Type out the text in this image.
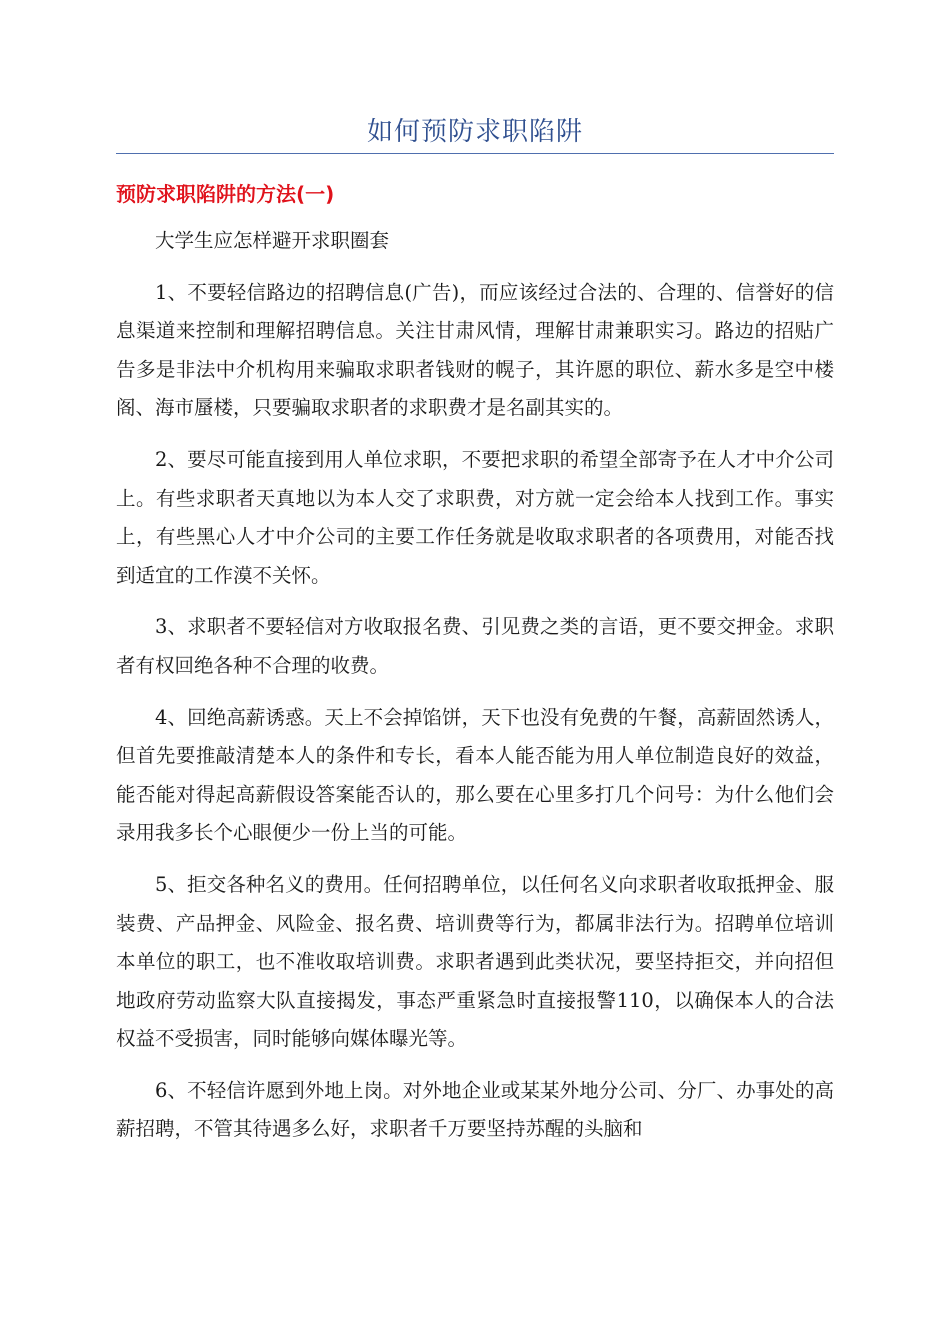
如何预防求职陷阱
预防求职陷阱的方法(一)

大学生应怎样避开求职圈套

1、不要轻信路边的招聘信息(广告)，而应该经过合法的、合理的、信誉好的信息渠道来控制和理解招聘信息。关注甘肃风情，理解甘肃兼职实习。路边的招贴广告多是非法中介机构用来骗取求职者钱财的幌子，其许愿的职位、薪水多是空中楼阁、海市蜃楼，只要骗取求职者的求职费才是名副其实的。

2、要尽可能直接到用人单位求职，不要把求职的希望全部寄予在人才中介公司上。有些求职者天真地以为本人交了求职费，对方就一定会给本人找到工作。事实上，有些黑心人才中介公司的主要工作任务就是收取求职者的各项费用，对能否找到适宜的工作漠不关怀。

3、求职者不要轻信对方收取报名费、引见费之类的言语，更不要交押金。求职者有权回绝各种不合理的收费。

4、回绝高薪诱惑。天上不会掉馅饼，天下也没有免费的午餐，高薪固然诱人，但首先要推敲清楚本人的条件和专长，看本人能否能为用人单位制造良好的效益，能否能对得起高薪假设答案能否认的，那么要在心里多打几个问号：为什么他们会录用我多长个心眼便少一份上当的可能。

5、拒交各种名义的费用。任何招聘单位，以任何名义向求职者收取抵押金、服装费、产品押金、风险金、报名费、培训费等行为，都属非法行为。招聘单位培训本单位的职工，也不准收取培训费。求职者遇到此类状况，要坚持拒交，并向招但地政府劳动监察大队直接揭发，事态严重紧急时直接报警110，以确保本人的合法权益不受损害，同时能够向媒体曝光等。

6、不轻信许愿到外地上岗。对外地企业或某某外地分公司、分厂、办事处的高薪招聘，不管其待遇多么好，求职者千万要坚持苏醒的头脑和
